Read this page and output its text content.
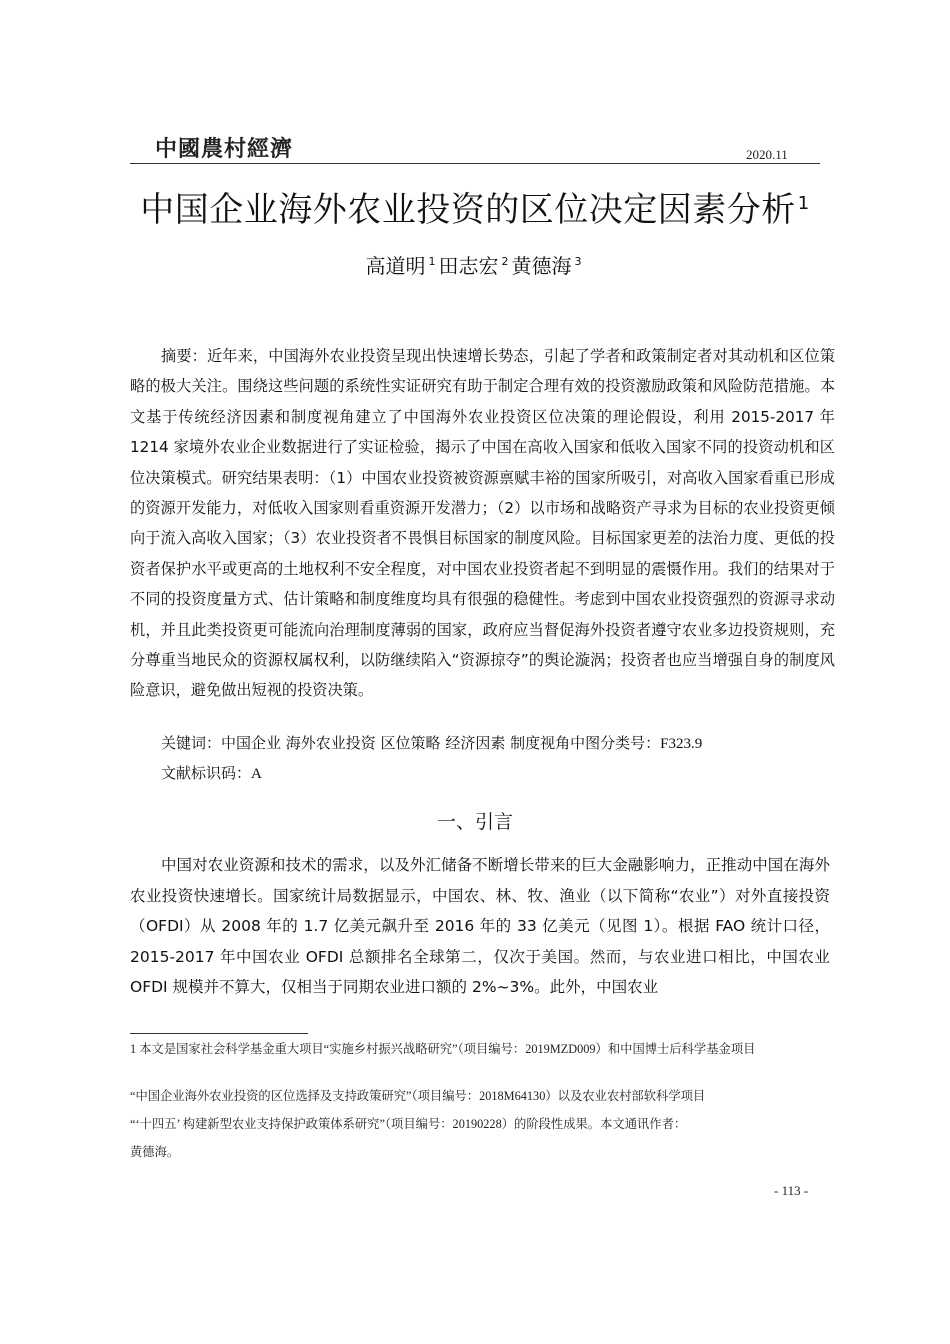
中國農村經濟	2020.11
中国企业海外农业投资的区位决定因素分析 $^1$
高道明 $^1$ 田志宏 $^2$ 黄德海 $^3$
摘要：近年来，中国海外农业投资呈现出快速增长势态，引起了学者和政策制定者对其动机和区位策略的极大关注。围绕这些问题的系统性实证研究有助于制定合理有效的投资激励政策和风险防范措施。本文基于传统经济因素和制度视角建立了中国海外农业投资区位决策的理论假设，利用 2015-2017 年 1214 家境外农业企业数据进行了实证检验，揭示了中国在高收入国家和低收入国家不同的投资动机和区位决策模式。研究结果表明：（1）中国农业投资被资源禀赋丰裕的国家所吸引，对高收入国家看重已形成的资源开发能力，对低收入国家则看重资源开发潜力；（2）以市场和战略资产寻求为目标的农业投资更倾向于流入高收入国家；（3）农业投资者不畏惧目标国家的制度风险。目标国家更差的法治力度、更低的投资者保护水平或更高的土地权利不安全程度，对中国农业投资者起不到明显的震慑作用。我们的结果对于不同的投资度量方式、估计策略和制度维度均具有很强的稳健性。考虑到中国农业投资强烈的资源寻求动机，并且此类投资更可能流向治理制度薄弱的国家，政府应当督促海外投资者遵守农业多边投资规则，充分尊重当地民众的资源权属权利，以防继续陷入“资源掠夺”的舆论漩涡；投资者也应当增强自身的制度风险意识，避免做出短视的投资决策。
关键词：中国企业 海外农业投资 区位策略 经济因素 制度视角中图分类号：F323.9
文献标识码：A
一、引言
中国对农业资源和技术的需求，以及外汇储备不断增长带来的巨大金融影响力，正推动中国在海外农业投资快速增长。国家统计局数据显示，中国农、林、牧、渔业（以下简称“农业”）对外直接投资（OFDI）从 2008 年的 1.7 亿美元飙升至 2016 年的 33 亿美元（见图 1）。根据 FAO 统计口径，2015-2017 年中国农业 OFDI 总额排名全球第二，仅次于美国。然而，与农业进口相比，中国农业 OFDI 规模并不算大，仅相当于同期农业进口额的 2%~3%。此外，中国农业
1 本文是国家社会科学基金重大项目“实施乡村振兴战略研究”（项目编号：2019MZD009）和中国博士后科学基金项目
“中国企业海外农业投资的区位选择及支持政策研究”（项目编号：2018M64130）以及农业农村部软科学项目
“‘十四五’ 构建新型农业支持保护政策体系研究”（项目编号：20190228）的阶段性成果。本文通讯作者：
黄德海。
- 113 -
